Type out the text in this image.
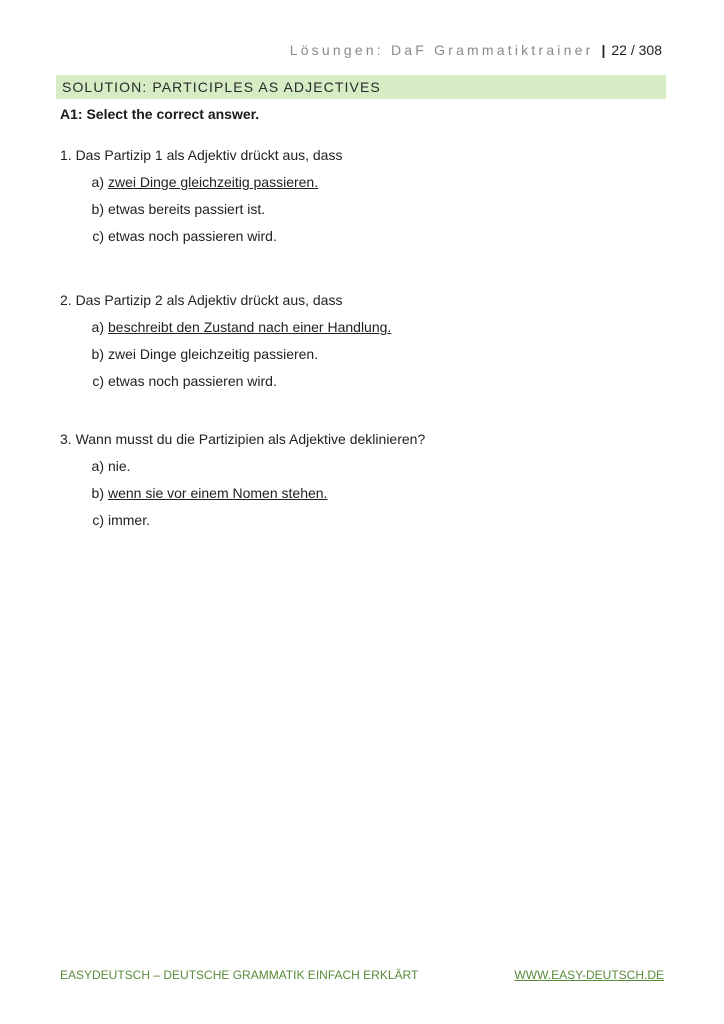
Lösungen: DaF Grammatiktrainer | 22 / 308
SOLUTION: PARTICIPLES AS ADJECTIVES
A1: Select the correct answer.
1. Das Partizip 1 als Adjektiv drückt aus, dass
a) zwei Dinge gleichzeitig passieren.
b) etwas bereits passiert ist.
c) etwas noch passieren wird.
2. Das Partizip 2 als Adjektiv drückt aus, dass
a) beschreibt den Zustand nach einer Handlung.
b) zwei Dinge gleichzeitig passieren.
c) etwas noch passieren wird.
3. Wann musst du die Partizipien als Adjektive deklinieren?
a) nie.
b) wenn sie vor einem Nomen stehen.
c) immer.
EASYDEUTSCH – DEUTSCHE GRAMMATIK EINFACH ERKLÄRT	WWW.EASY-DEUTSCH.DE
